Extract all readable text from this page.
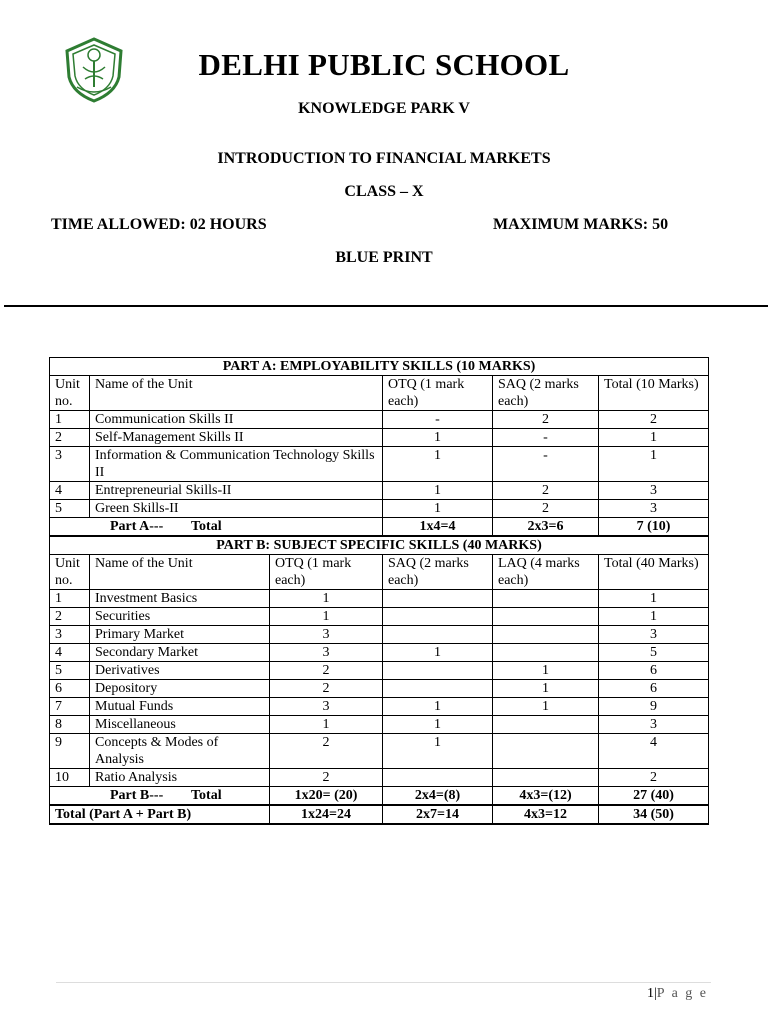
DELHI PUBLIC SCHOOL
KNOWLEDGE PARK V
INTRODUCTION TO FINANCIAL MARKETS
CLASS – X
TIME ALLOWED: 02 HOURS	MAXIMUM MARKS: 50
BLUE PRINT
PART A: EMPLOYABILITY SKILLS (10 MARKS)					
Unit no.	Name of the Unit		OTQ (1 mark each)	SAQ (2 marks each)	Total (10 Marks)
1	Communication Skills II		-	2	2
2	Self-Management Skills II		1	-	1
3	Information & Communication Technology Skills II		1	-	1
4	Entrepreneurial Skills-II		1	2	3
5	Green Skills-II		1	2	3
Part A---        Total			1x4=4	2x3=6	7 (10)
PART B: SUBJECT SPECIFIC SKILLS (40 MARKS)					
Unit no.	Name of the Unit	OTQ (1 mark each)	SAQ (2 marks each)	LAQ (4 marks each)	Total (40 Marks)
1	Investment Basics	1			1
2	Securities	1			1
3	Primary Market	3			3
4	Secondary Market	3	1		5
5	Derivatives	2		1	6
6	Depository	2		1	6
7	Mutual Funds	3	1	1	9
8	Miscellaneous	1	1		3
9	Concepts & Modes of Analysis	2	1		4
10	Ratio Analysis	2			2
Part B---        Total		1x20= (20)	2x4=(8)	4x3=(12)	27 (40)
Total (Part A + Part B)		1x24=24	2x7=14	4x3=12	34 (50)
1|P a g e
